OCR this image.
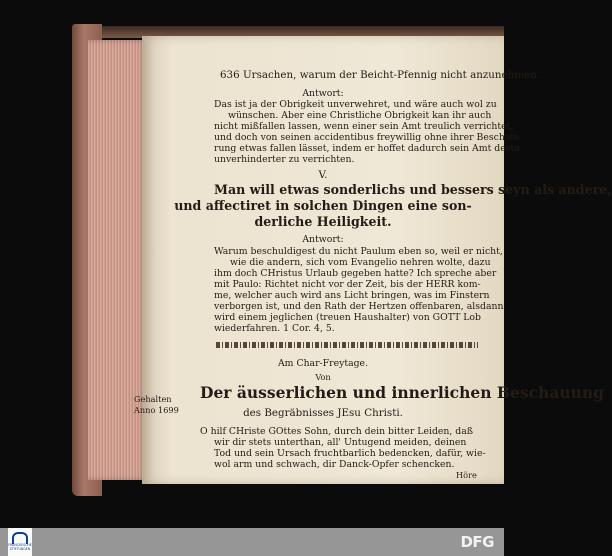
636 Ursachen, warum der Beicht-Pfennig nicht anzunehmen.
Antwort:
Das ist ja der Obrigkeit unverwehret, und wäre auch wol zu
wünschen. Aber eine Christliche Obrigkeit kan ihr auch
nicht mißfallen lassen, wenn einer sein Amt treulich verrichtet,
und doch von seinen accidentibus freywillig ohne ihrer Beschwe-
rung etwas fallen lässet, indem er hoffet dadurch sein Amt desto
unverhinderter zu verrichten.
V.
Man will etwas sonderlichs und bessers seyn als andere,
und affectiret in solchen Dingen eine son-
derliche Heiligkeit.
Antwort:
Warum beschuldigest du nicht Paulum eben so, weil er nicht,
wie die andern, sich vom Evangelio nehren wolte, dazu
ihm doch CHristus Urlaub gegeben hatte? Ich spreche aber
mit Paulo: Richtet nicht vor der Zeit, bis der HERR kom-
me, welcher auch wird ans Licht bringen, was im Finstern
verborgen ist, und den Rath der Hertzen offenbaren, alsdann
wird einem jeglichen (treuen Haushalter) von GOTT Lob
wiederfahren. 1 Cor. 4, 5.
Am Char-Freytage.
Von
Gehalten
Anno 1699
Der äusserlichen und innerlichen Beschauung
des Begräbnisses JEsu Christi.
O hilf CHriste GOttes Sohn, durch dein bitter Leiden, daß
wir dir stets unterthan, all' Untugend meiden, deinen
Tod und sein Ursach fruchtbarlich bedencken, dafür, wie-
wol arm und schwach, dir Danck-Opfer schencken.
Höre
FRANCKESCHE
STIFTUNGEN	DFG
